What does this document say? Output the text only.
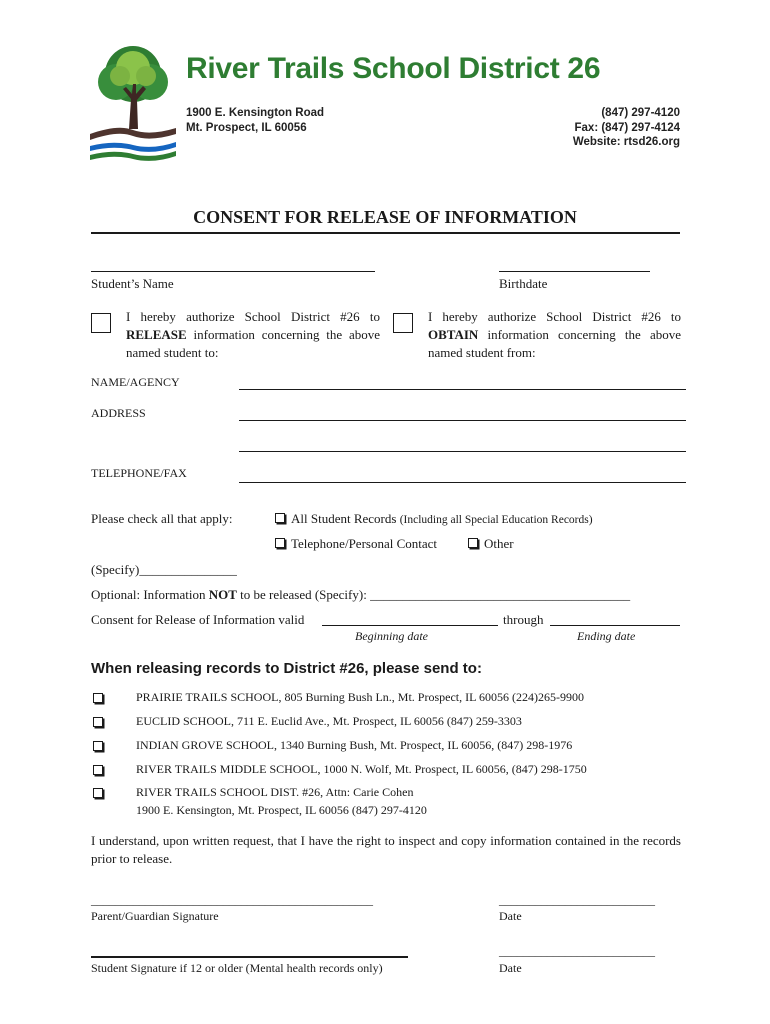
River Trails School District 26
1900 E. Kensington Road
Mt. Prospect, IL 60056
(847) 297-4120
Fax: (847) 297-4124
Website: rtsd26.org
CONSENT FOR RELEASE OF INFORMATION
Student’s Name	Birthdate
I hereby authorize School District #26 to RELEASE information concerning the above named student to:
I hereby authorize School District #26 to OBTAIN information concerning the above named student from:
NAME/AGENCY
ADDRESS
TELEPHONE/FAX
Please check all that apply:	All Student Records (Including all Special Education Records)
Telephone/Personal Contact	Other
(Specify)_______________
Optional: Information NOT to be released (Specify): ________________________________________
Consent for Release of Information valid	through
Beginning date	Ending date
When releasing records to District #26, please send to:
PRAIRIE TRAILS SCHOOL, 805 Burning Bush Ln., Mt. Prospect, IL 60056 (224)265-9900
EUCLID SCHOOL, 711 E. Euclid Ave., Mt. Prospect, IL 60056 (847) 259-3303
INDIAN GROVE SCHOOL, 1340 Burning Bush, Mt. Prospect, IL 60056, (847) 298-1976
RIVER TRAILS MIDDLE SCHOOL, 1000 N. Wolf, Mt. Prospect, IL 60056, (847) 298-1750
RIVER TRAILS SCHOOL DIST. #26, Attn: Carie Cohen
1900 E. Kensington, Mt. Prospect, IL 60056 (847) 297-4120
I understand, upon written request, that I have the right to inspect and copy information contained in the records prior to release.
_______________________________________________
Parent/Guardian Signature
__________________________
Date
Student Signature if 12 or older (Mental health records only)
__________________________
Date
